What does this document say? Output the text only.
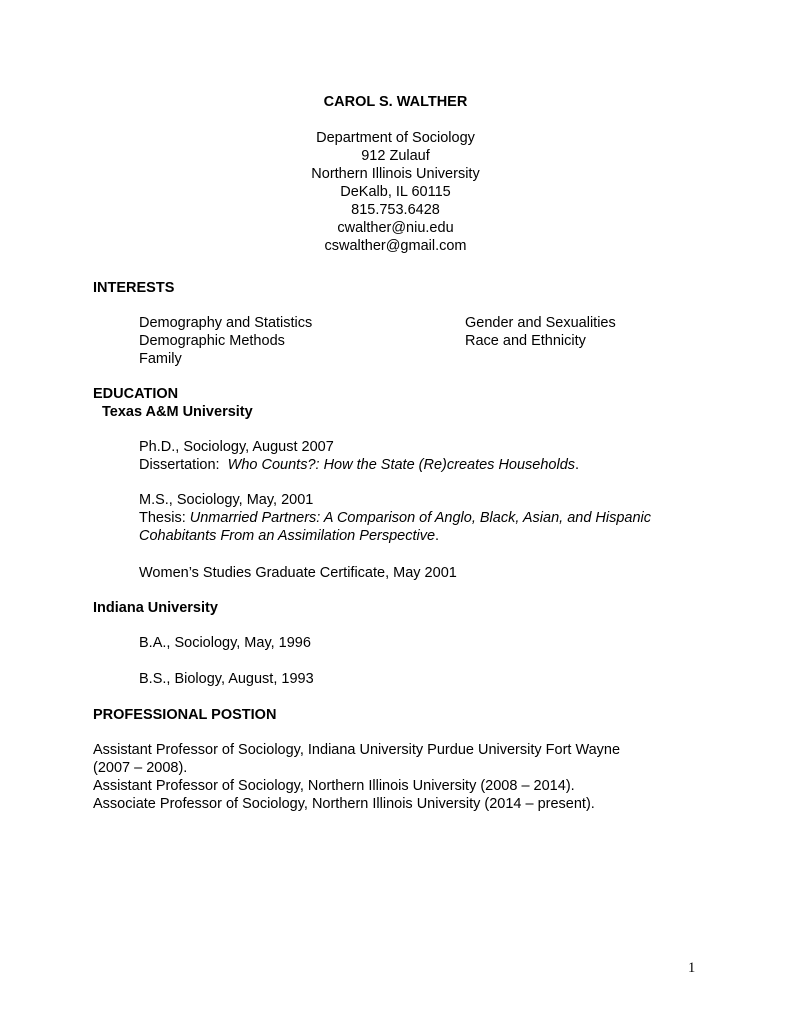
CAROL S. WALTHER
Department of Sociology
912 Zulauf
Northern Illinois University
DeKalb, IL 60115
815.753.6428
cwalther@niu.edu
cswalther@gmail.com
INTERESTS
Demography and Statistics
Demographic Methods
Family
Gender and Sexualities
Race and Ethnicity
EDUCATION
Texas A&M University
Ph.D., Sociology, August 2007
Dissertation:  Who Counts?: How the State (Re)creates Households.
M.S., Sociology, May, 2001
Thesis: Unmarried Partners: A Comparison of Anglo, Black, Asian, and Hispanic
Cohabitants From an Assimilation Perspective.
Women’s Studies Graduate Certificate, May 2001
Indiana University
B.A., Sociology, May, 1996
B.S., Biology, August, 1993
PROFESSIONAL POSTION
Assistant Professor of Sociology, Indiana University Purdue University Fort Wayne
(2007 – 2008).
Assistant Professor of Sociology, Northern Illinois University (2008 – 2014).
Associate Professor of Sociology, Northern Illinois University (2014 – present).
1
